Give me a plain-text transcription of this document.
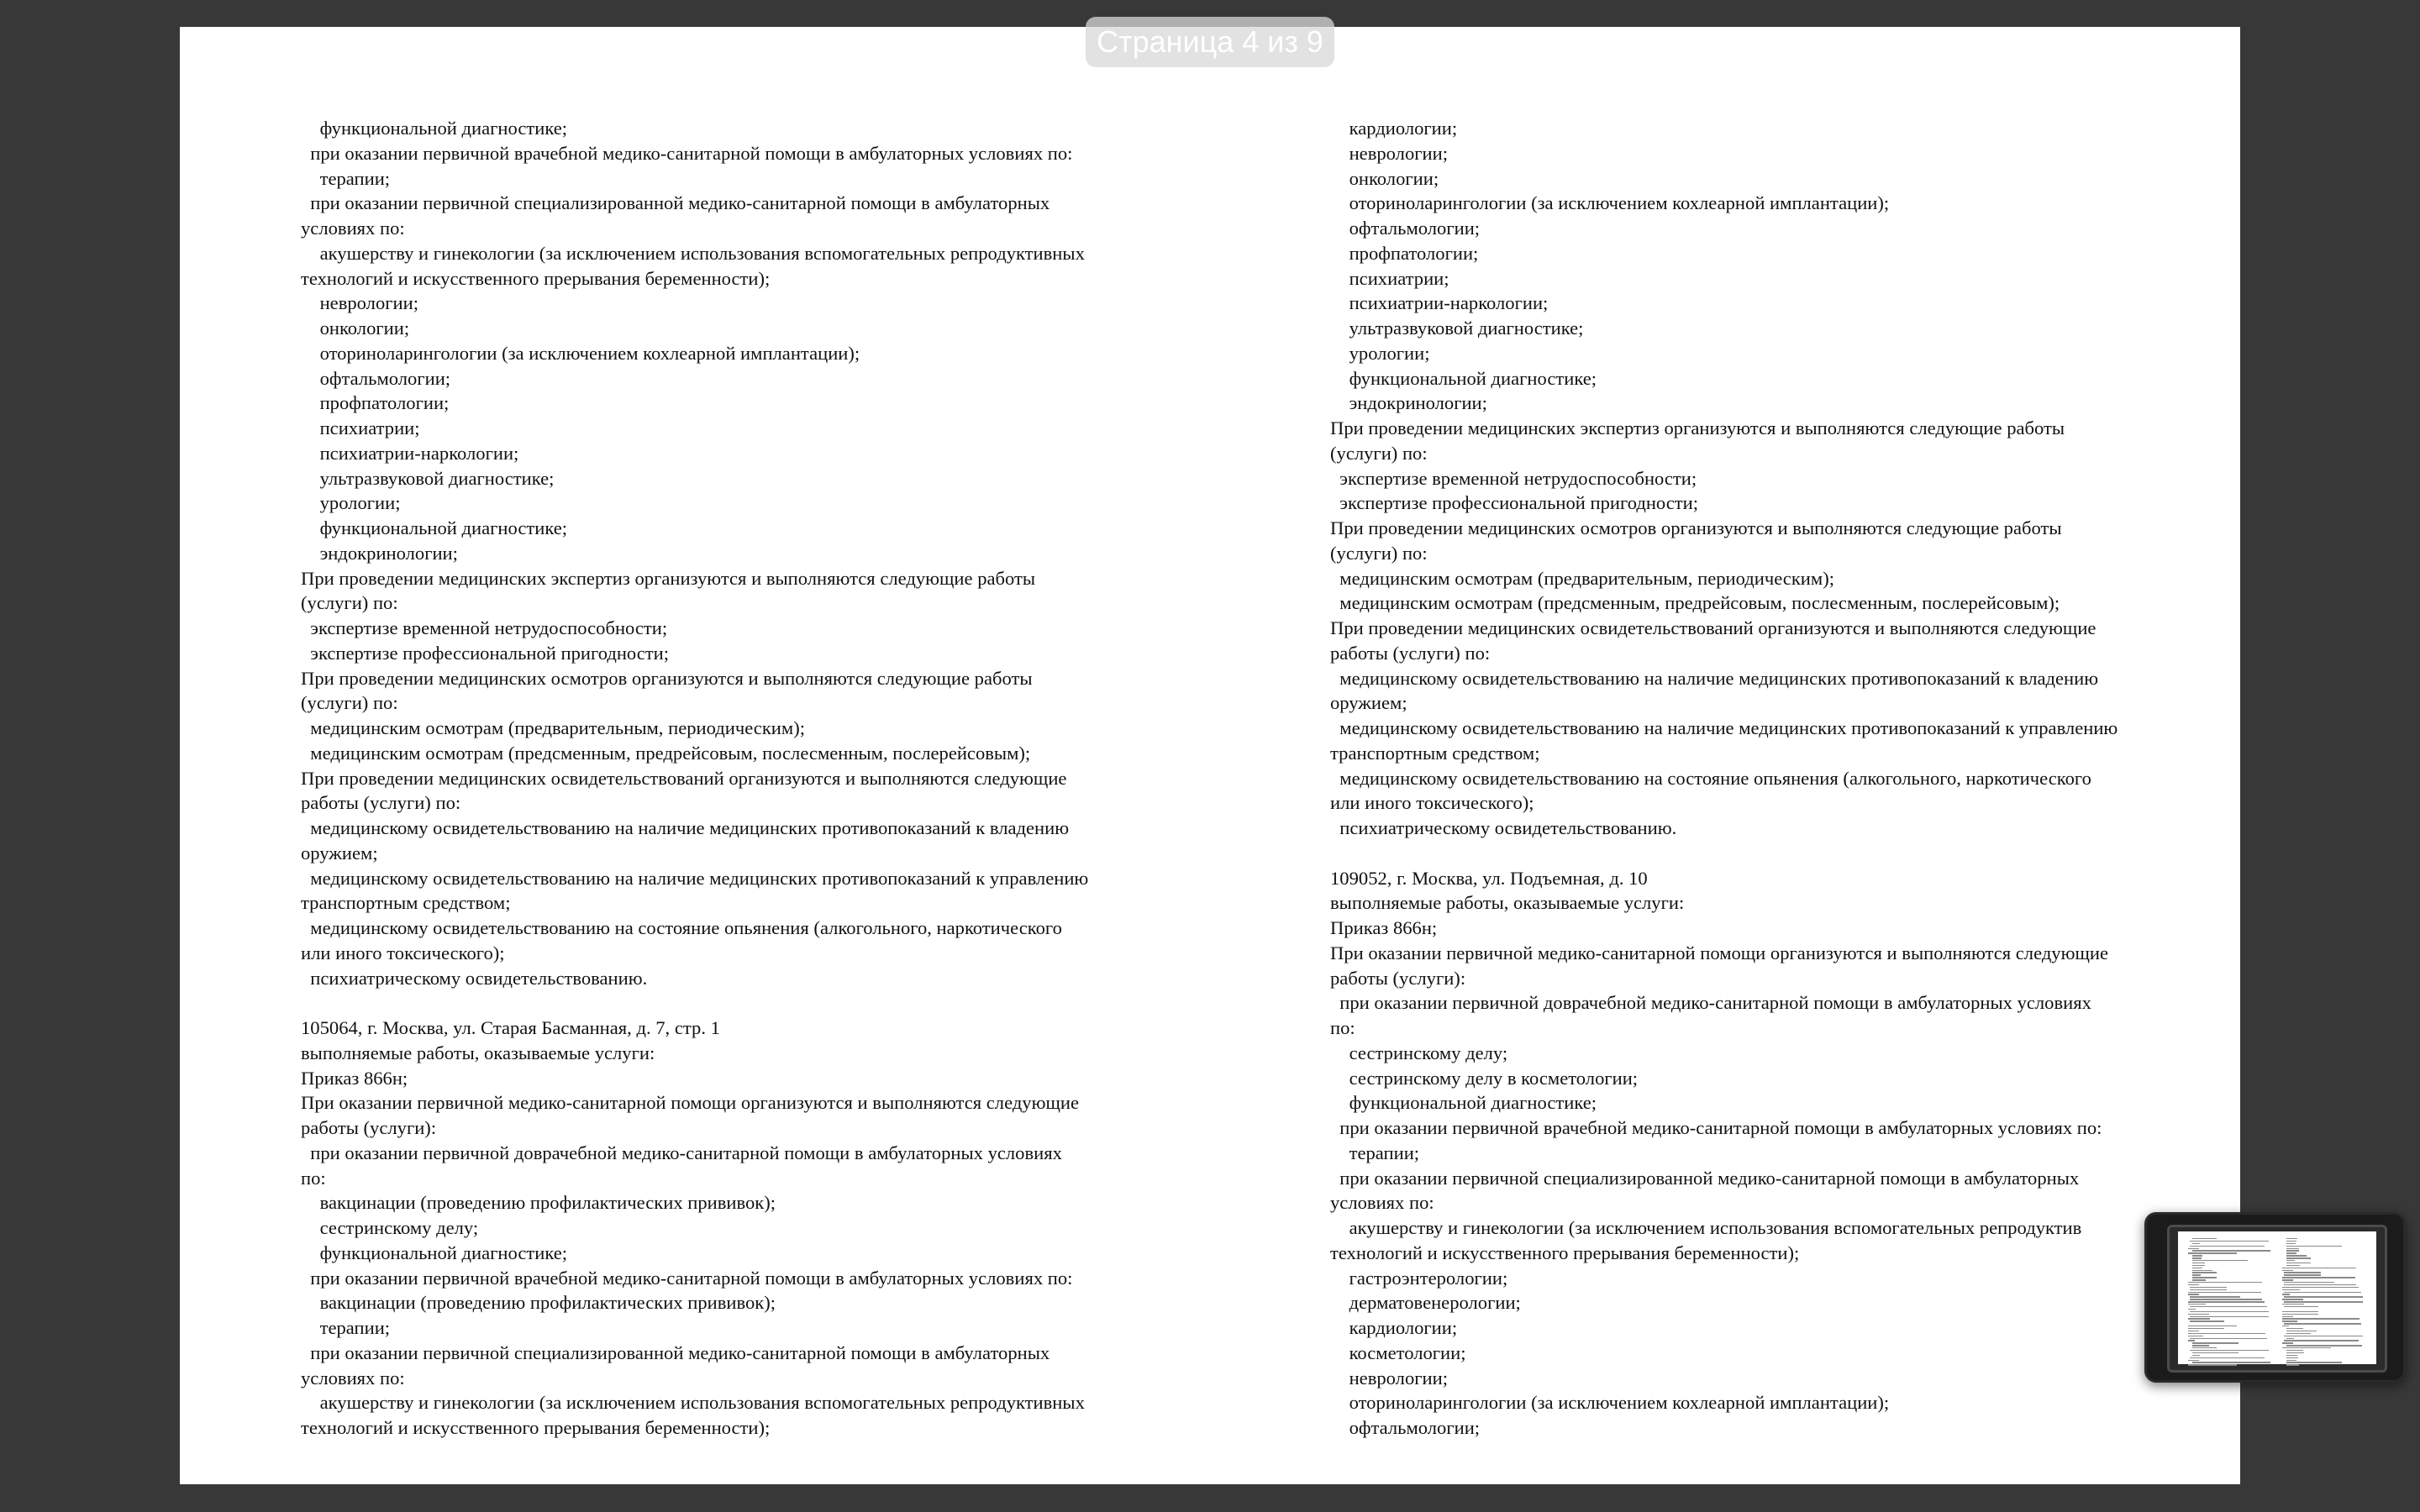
Страница 4 из 9
функциональной диагностике;
при оказании первичной врачебной медико-санитарной помощи в амбулаторных условиях по:
терапии;
при оказании первичной специализированной медико-санитарной помощи в амбулаторных
условиях по:
акушерству и гинекологии (за исключением использования вспомогательных репродуктивных
технологий и искусственного прерывания беременности);
неврологии;
онкологии;
оториноларингологии (за исключением кохлеарной имплантации);
офтальмологии;
профпатологии;
психиатрии;
психиатрии-наркологии;
ультразвуковой диагностике;
урологии;
функциональной диагностике;
эндокринологии;
При проведении медицинских экспертиз организуются и выполняются следующие работы
(услуги) по:
экспертизе временной нетрудоспособности;
экспертизе профессиональной пригодности;
При проведении медицинских осмотров организуются и выполняются следующие работы
(услуги) по:
медицинским осмотрам (предварительным, периодическим);
медицинским осмотрам (предсменным, предрейсовым, послесменным, послерейсовым);
При проведении медицинских освидетельствований организуются и выполняются следующие
работы (услуги) по:
медицинскому освидетельствованию на наличие медицинских противопоказаний к владению
оружием;
медицинскому освидетельствованию на наличие медицинских противопоказаний к управлению
транспортным средством;
медицинскому освидетельствованию на состояние опьянения (алкогольного, наркотического
или иного токсического);
психиатрическому освидетельствованию.
105064, г. Москва, ул. Старая Басманная, д. 7, стр. 1
выполняемые работы, оказываемые услуги:
Приказ 866н;
При оказании первичной медико-санитарной помощи организуются и выполняются следующие
работы (услуги):
при оказании первичной доврачебной медико-санитарной помощи в амбулаторных условиях
по:
вакцинации (проведению профилактических прививок);
сестринскому делу;
функциональной диагностике;
при оказании первичной врачебной медико-санитарной помощи в амбулаторных условиях по:
вакцинации (проведению профилактических прививок);
терапии;
при оказании первичной специализированной медико-санитарной помощи в амбулаторных
условиях по:
акушерству и гинекологии (за исключением использования вспомогательных репродуктивных
технологий и искусственного прерывания беременности);
кардиологии;
неврологии;
онкологии;
оториноларингологии (за исключением кохлеарной имплантации);
офтальмологии;
профпатологии;
психиатрии;
психиатрии-наркологии;
ультразвуковой диагностике;
урологии;
функциональной диагностике;
эндокринологии;
При проведении медицинских экспертиз организуются и выполняются следующие работы
(услуги) по:
экспертизе временной нетрудоспособности;
экспертизе профессиональной пригодности;
При проведении медицинских осмотров организуются и выполняются следующие работы
(услуги) по:
медицинским осмотрам (предварительным, периодическим);
медицинским осмотрам (предсменным, предрейсовым, послесменным, послерейсовым);
При проведении медицинских освидетельствований организуются и выполняются следующие
работы (услуги) по:
медицинскому освидетельствованию на наличие медицинских противопоказаний к владению
оружием;
медицинскому освидетельствованию на наличие медицинских противопоказаний к управлению
транспортным средством;
медицинскому освидетельствованию на состояние опьянения (алкогольного, наркотического
или иного токсического);
психиатрическому освидетельствованию.
109052, г. Москва, ул. Подъемная, д. 10
выполняемые работы, оказываемые услуги:
Приказ 866н;
При оказании первичной медико-санитарной помощи организуются и выполняются следующие
работы (услуги):
при оказании первичной доврачебной медико-санитарной помощи в амбулаторных условиях
по:
сестринскому делу;
сестринскому делу в косметологии;
функциональной диагностике;
при оказании первичной врачебной медико-санитарной помощи в амбулаторных условиях по:
терапии;
при оказании первичной специализированной медико-санитарной помощи в амбулаторных
условиях по:
акушерству и гинекологии (за исключением использования вспомогательных репродуктив
технологий и искусственного прерывания беременности);
гастроэнтерологии;
дерматовенерологии;
кардиологии;
косметологии;
неврологии;
оториноларингологии (за исключением кохлеарной имплантации);
офтальмологии;
